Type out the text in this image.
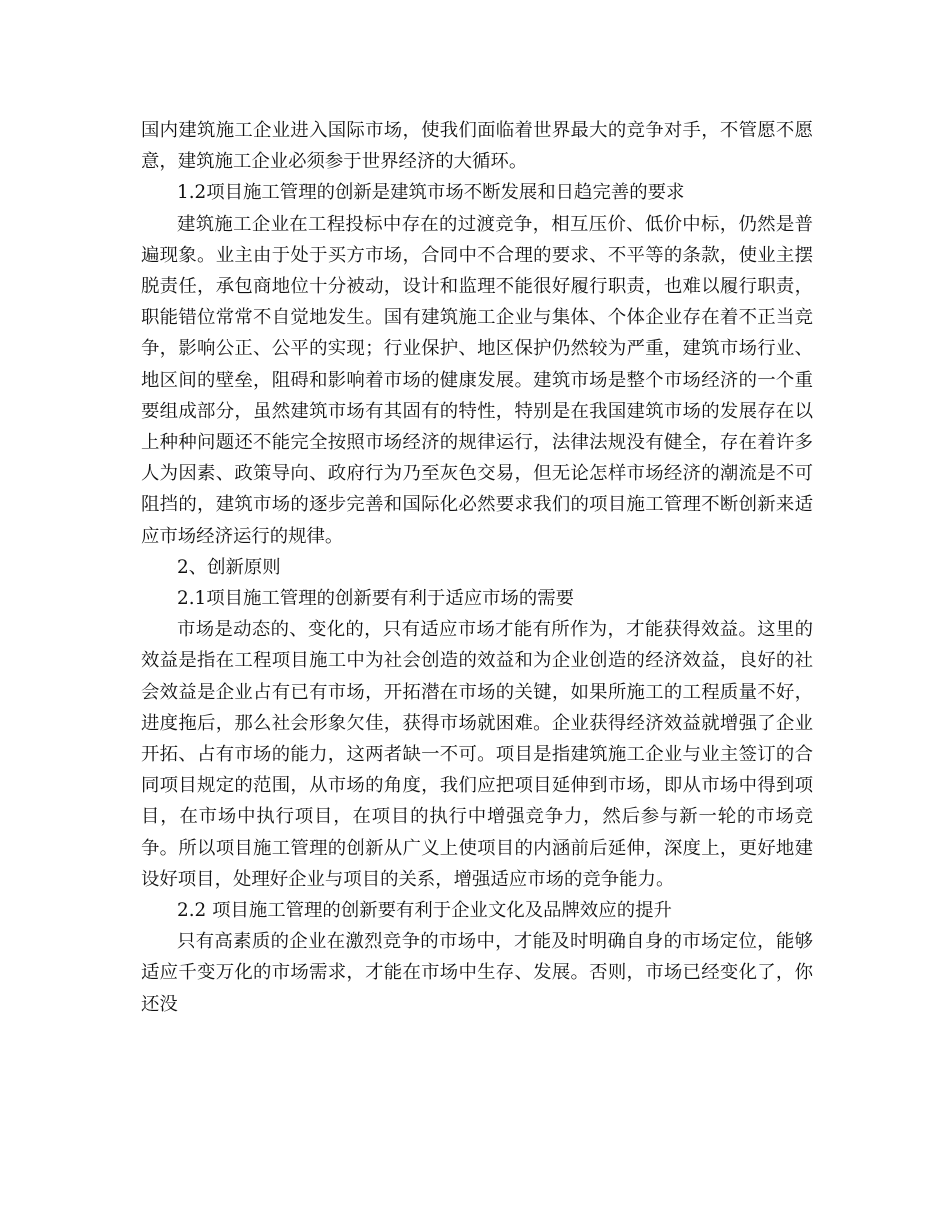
国内建筑施工企业进入国际市场，使我们面临着世界最大的竞争对手，不管愿不愿意，建筑施工企业必须参于世界经济的大循环。

1.2项目施工管理的创新是建筑市场不断发展和日趋完善的要求

建筑施工企业在工程投标中存在的过渡竞争，相互压价、低价中标，仍然是普遍现象。业主由于处于买方市场，合同中不合理的要求、不平等的条款，使业主摆脱责任，承包商地位十分被动，设计和监理不能很好履行职责，也难以履行职责，职能错位常常不自觉地发生。国有建筑施工企业与集体、个体企业存在着不正当竞争，影响公正、公平的实现；行业保护、地区保护仍然较为严重，建筑市场行业、地区间的壁垒，阻碍和影响着市场的健康发展。建筑市场是整个市场经济的一个重要组成部分，虽然建筑市场有其固有的特性，特别是在我国建筑市场的发展存在以上种种问题还不能完全按照市场经济的规律运行，法律法规没有健全，存在着许多人为因素、政策导向、政府行为乃至灰色交易，但无论怎样市场经济的潮流是不可阻挡的，建筑市场的逐步完善和国际化必然要求我们的项目施工管理不断创新来适应市场经济运行的规律。

2、创新原则

2.1项目施工管理的创新要有利于适应市场的需要

市场是动态的、变化的，只有适应市场才能有所作为，才能获得效益。这里的效益是指在工程项目施工中为社会创造的效益和为企业创造的经济效益，良好的社会效益是企业占有已有市场，开拓潜在市场的关键，如果所施工的工程质量不好，进度拖后，那么社会形象欠佳，获得市场就困难。企业获得经济效益就增强了企业开拓、占有市场的能力，这两者缺一不可。项目是指建筑施工企业与业主签订的合同项目规定的范围，从市场的角度，我们应把项目延伸到市场，即从市场中得到项目，在市场中执行项目，在项目的执行中增强竞争力，然后参与新一轮的市场竞争。所以项目施工管理的创新从广义上使项目的内涵前后延伸，深度上，更好地建设好项目，处理好企业与项目的关系，增强适应市场的竞争能力。

2.2 项目施工管理的创新要有利于企业文化及品牌效应的提升

只有高素质的企业在激烈竞争的市场中，才能及时明确自身的市场定位，能够适应千变万化的市场需求，才能在市场中生存、发展。否则，市场已经变化了，你还没
